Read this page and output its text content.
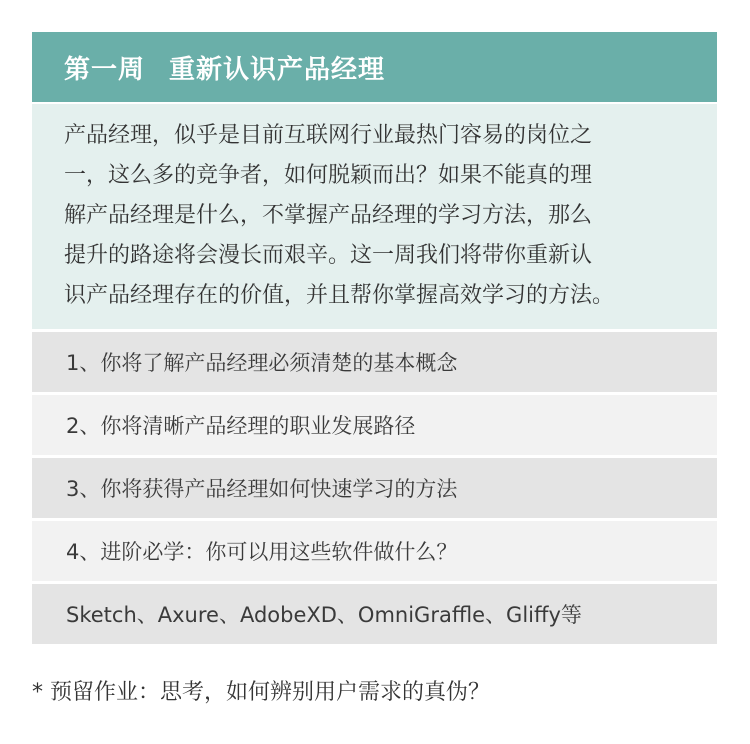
第一周 重新认识产品经理
产品经理，似乎是目前互联网行业最热门容易的岗位之
一，这么多的竞争者，如何脱颖而出？如果不能真的理
解产品经理是什么，不掌握产品经理的学习方法，那么
提升的路途将会漫长而艰辛。这一周我们将带你重新认
识产品经理存在的价值，并且帮你掌握高效学习的方法。
1、你将了解产品经理必须清楚的基本概念
2、你将清晰产品经理的职业发展路径
3、你将获得产品经理如何快速学习的方法
4、进阶必学：你可以用这些软件做什么？
Sketch、Axure、AdobeXD、OmniGraffle、Gliffy等
* 预留作业：思考，如何辨别用户需求的真伪？
